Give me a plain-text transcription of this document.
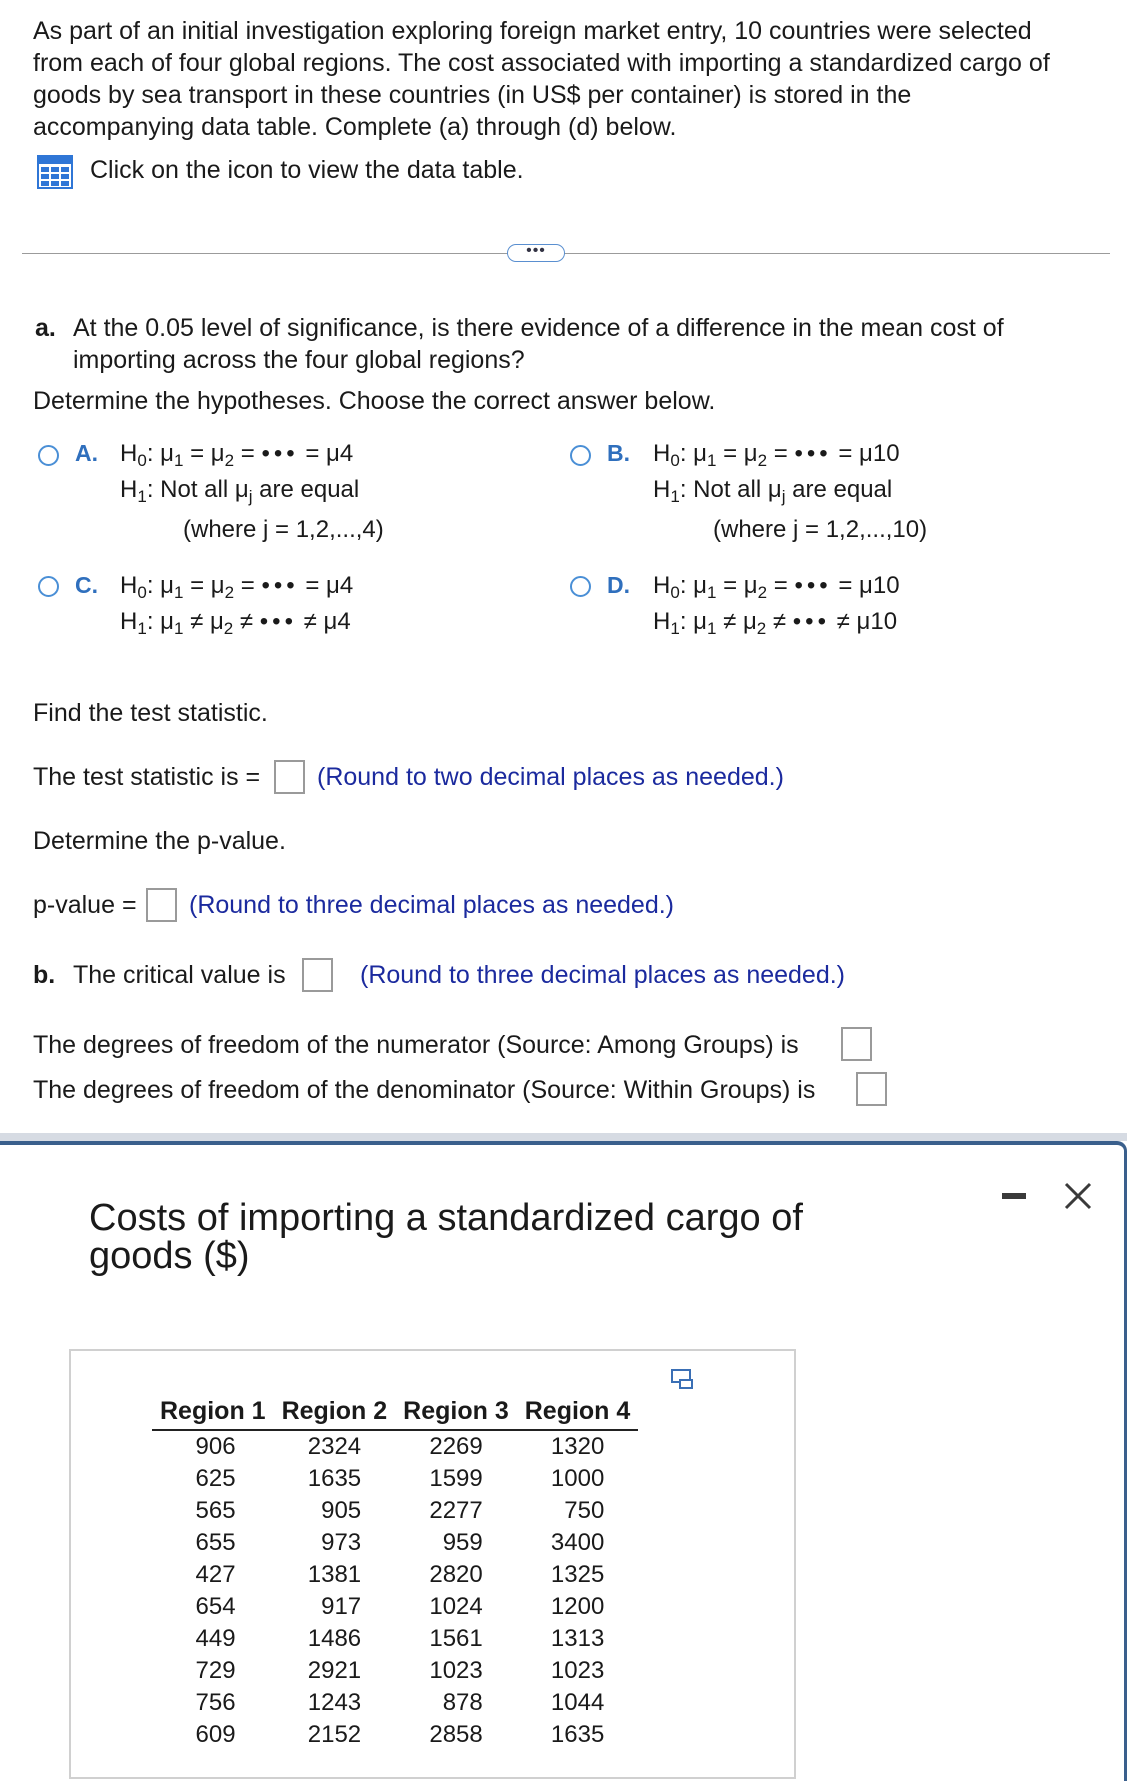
As part of an initial investigation exploring foreign market entry, 10 countries were selected
from each of four global regions. The cost associated with importing a standardized cargo of
goods by sea transport in these countries (in US$ per container) is stored in the
accompanying data table. Complete (a) through (d) below.
Click on the icon to view the data table.
•••
a. At the 0.05 level of significance, is there evidence of a difference in the mean cost of
importing across the four global regions?
Determine the hypotheses. Choose the correct answer below.
A. $H_0$: $\mu_1 = \mu_2$ = ••• = μ4
$H_1$: Not all $\mu_j$ are equal
(where j = 1,2,...,4)
B. $H_0$: $\mu_1 = \mu_2$ = ••• = μ10
$H_1$: Not all $\mu_j$ are equal
(where j = 1,2,...,10)
C. $H_0$: $\mu_1 = \mu_2$ = ••• = μ4
$H_1$: $\mu_1 \ne \mu_2$ ≠ ••• ≠ μ4
D. $H_0$: $\mu_1 = \mu_2$ = ••• = μ10
$H_1$: $\mu_1 \ne \mu_2$ ≠ ••• ≠ μ10
Find the test statistic.
The test statistic is = (Round to two decimal places as needed.)
Determine the p-value.
p-value = (Round to three decimal places as needed.)
b. The critical value is	(Round to three decimal places as needed.)
The degrees of freedom of the numerator (Source: Among Groups) is
The degrees of freedom of the denominator (Source: Within Groups) is
Costs of importing a standardized cargo of
goods ($)
Region 1	Region 2	Region 3	Region 4
906	2324	2269	1320
625	1635	1599	1000
565	905	2277	750
655	973	959	3400
427	1381	2820	1325
654	917	1024	1200
449	1486	1561	1313
729	2921	1023	1023
756	1243	878	1044
609	2152	2858	1635
